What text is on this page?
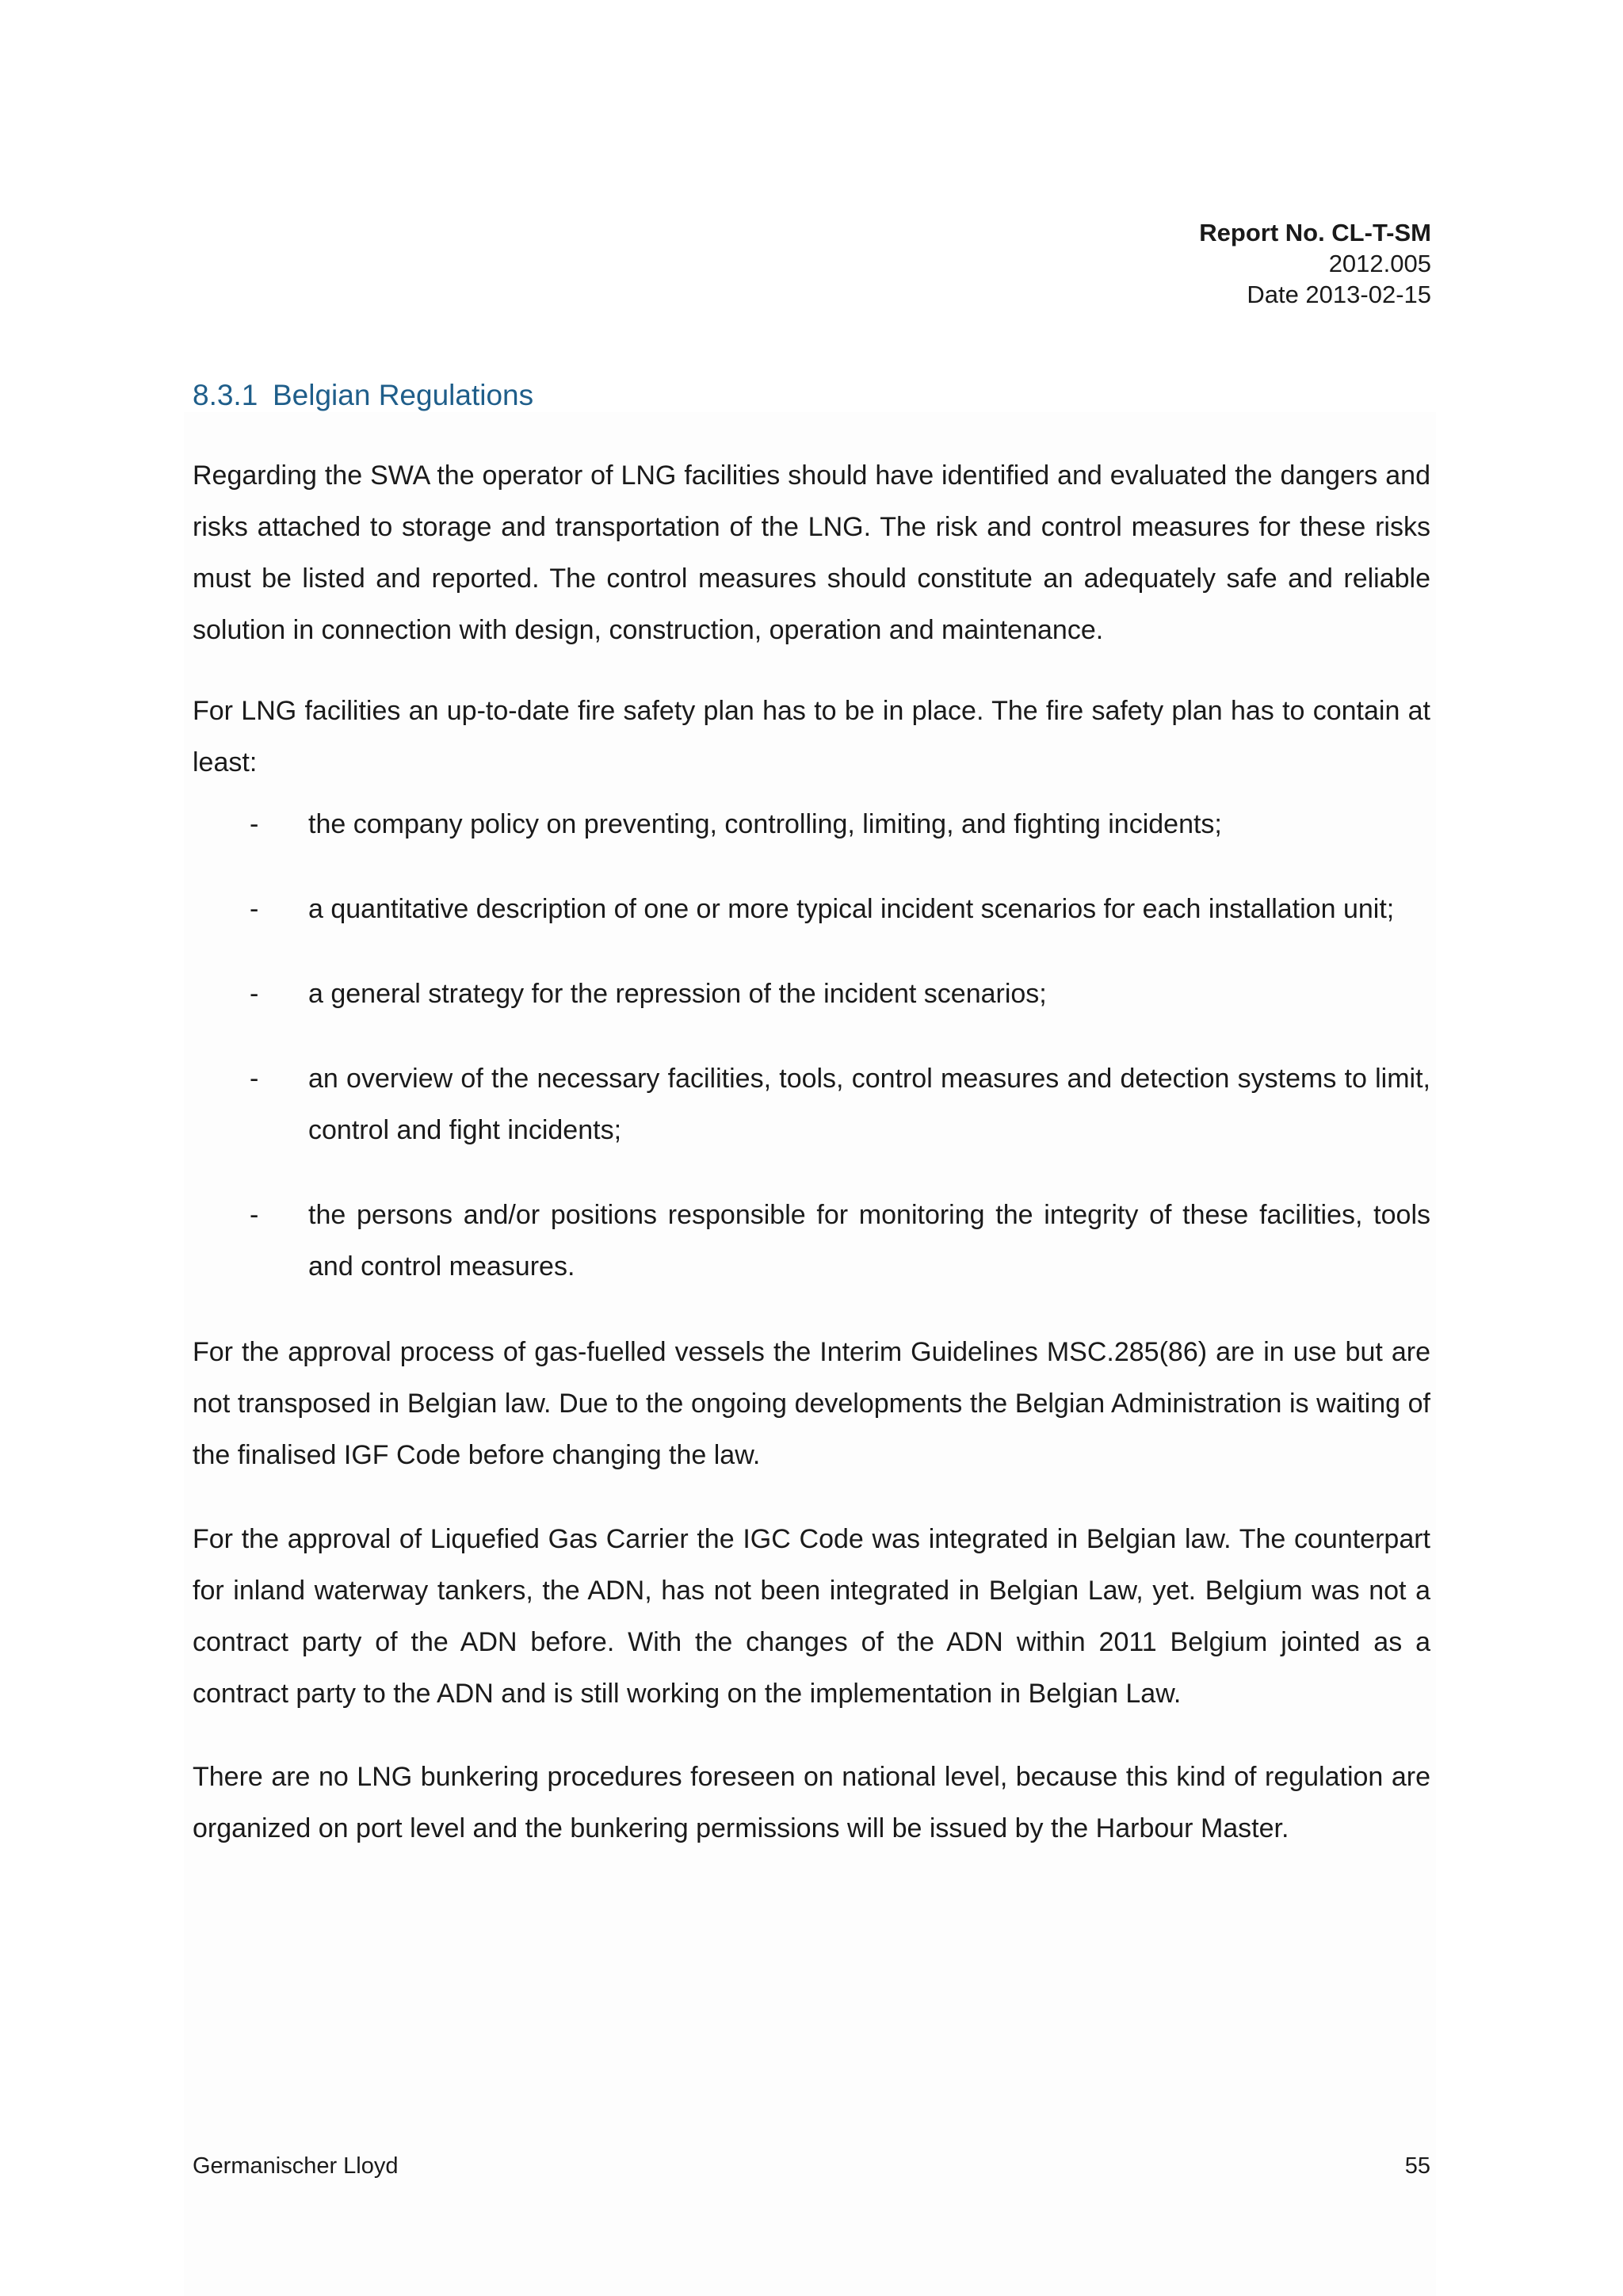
Report No. CL-T-SM
2012.005
Date 2013-02-15
8.3.1 Belgian Regulations

Regarding the SWA the operator of LNG facilities should have identified and evaluated the dangers and risks attached to storage and transportation of the LNG. The risk and control measures for these risks must be listed and reported. The control measures should constitute an adequately safe and reliable solution in connection with design, construction, operation and maintenance.

For LNG facilities an up-to-date fire safety plan has to be in place. The fire safety plan has to contain at least:

- the company policy on preventing, controlling, limiting, and fighting incidents;
- a quantitative description of one or more typical incident scenarios for each installation unit;
- a general strategy for the repression of the incident scenarios;
- an overview of the necessary facilities, tools, control measures and detection systems to limit, control and fight incidents;
- the persons and/or positions responsible for monitoring the integrity of these facilities, tools and control measures.

For the approval process of gas-fuelled vessels the Interim Guidelines MSC.285(86) are in use but are not transposed in Belgian law. Due to the ongoing developments the Belgian Administration is waiting of the finalised IGF Code before changing the law.

For the approval of Liquefied Gas Carrier the IGC Code was integrated in Belgian law. The counterpart for inland waterway tankers, the ADN, has not been integrated in Belgian Law, yet. Belgium was not a contract party of the ADN before. With the changes of the ADN within 2011 Belgium jointed as a contract party to the ADN and is still working on the implementation in Belgian Law.

There are no LNG bunkering procedures foreseen on national level, because this kind of regulation are organized on port level and the bunkering permissions will be issued by the Harbour Master.

Germanischer Lloyd	55
